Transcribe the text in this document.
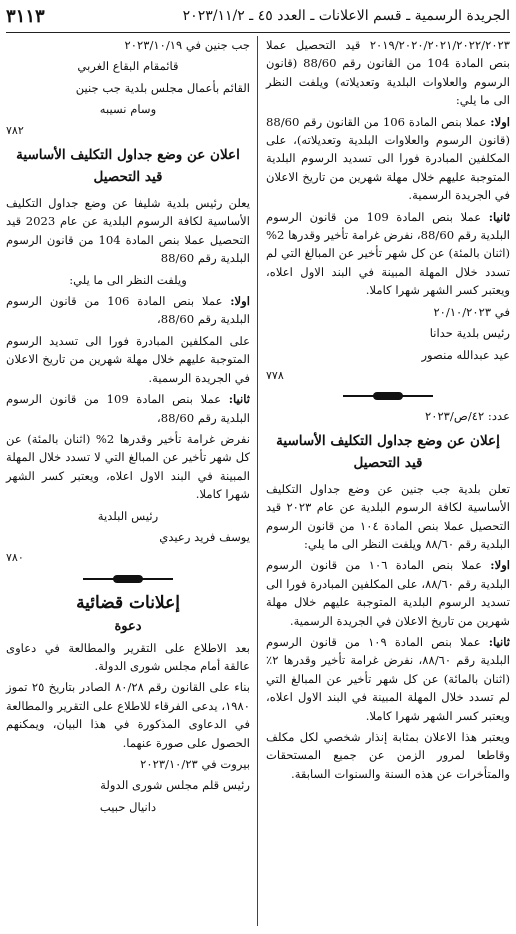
الجريدة الرسمية ـ قسم الاعلانات ـ العدد ٤٥ ـ ٢٠٢٣/١١/٢
٣١١٣

٢٠١٩/٢٠٢٠/٢٠٢١/٢٠٢٢/٢٠٢٣ قيد التحصيل عملا بنص المادة 104 من القانون رقم 88/60 (قانون الرسوم والعلاوات البلدية وتعديلاته) ويلفت النظر الى ما يلي:

اولا: عملا بنص المادة 106 من القانون رقم 88/60 (قانون الرسوم والعلاوات البلدية وتعديلاته)، على المكلفين المبادرة فورا الى تسديد الرسوم البلدية المتوجبة عليهم خلال مهلة شهرين من تاريخ الاعلان في الجريدة الرسمية.

ثانيا: عملا بنص المادة 109 من قانون الرسوم البلدية رقم 88/60، نفرض غرامة تأخير وقدرها 2% (اثنان بالمئة) عن كل شهر تأخير عن المبالغ التي لم تسدد خلال المهلة المبينة في البند الاول اعلاه، ويعتبر كسر الشهر شهرا كاملا.

في ٢٠/١٠/٢٠٢٣

رئيس بلدية حدانا

عيد عبدالله منصور

٧٧٨

عدد: ٤٢/ص/٢٠٢٣

إعلان عن وضع جداول التكليف الأساسية قيد التحصيل

تعلن بلدية جب جنين عن وضع جداول التكليف الأساسية لكافة الرسوم البلدية عن عام ٢٠٢٣ قيد التحصيل عملا بنص المادة ١٠٤ من قانون الرسوم البلدية رقم ٨٨/٦٠ ويلفت النظر الى ما يلي:

اولا: عملا بنص المادة ١٠٦ من قانون الرسوم البلدية رقم ٨٨/٦٠، على المكلفين المبادرة فورا الى تسديد الرسوم البلدية المتوجبة عليهم خلال مهلة شهرين من تاريخ الاعلان في الجريدة الرسمية.

ثانيا: عملا بنص المادة ١٠٩ من قانون الرسوم البلدية رقم ٨٨/٦٠، نفرض غرامة تأخير وقدرها ٢٪ (اثنان بالمائة) عن كل شهر تأخير عن المبالغ التي لم تسدد خلال المهلة المبينة في البند الاول اعلاه، ويعتبر كسر الشهر شهرا كاملا.

ويعتبر هذا الاعلان بمثابة إنذار شخصي لكل مكلف وقاطعا لمرور الزمن عن جميع المستحقات والمتأخرات عن هذه السنة والسنوات السابقة.

جب جنين في ٢٠٢٣/١٠/١٩

قائمقام البقاع الغربي

القائم بأعمال مجلس بلدية جب جنين

وسام نسيبه

٧٨٢

اعلان عن وضع جداول التكليف الأساسية قيد التحصيل

يعلن رئيس بلدية شليفا عن وضع جداول التكليف الأساسية لكافة الرسوم البلدية عن عام 2023 قيد التحصيل عملا بنص المادة 104 من قانون الرسوم البلدية رقم 88/60

ويلفت النظر الى ما يلي:

اولا: عملا بنص المادة 106 من قانون الرسوم البلدية رقم 88/60،

على المكلفين المبادرة فورا الى تسديد الرسوم المتوجبة عليهم خلال مهلة شهرين من تاريخ الاعلان في الجريدة الرسمية.

ثانيا: عملا بنص المادة 109 من قانون الرسوم البلدية رقم 88/60،

نفرض غرامة تأخير وقدرها 2% (اثنان بالمئة) عن كل شهر تأخير عن المبالغ التي لا تسدد خلال المهلة المبينة في البند الاول اعلاه، ويعتبر كسر الشهر شهرا كاملا.

رئيس البلدية

يوسف فريد رعيدي

٧٨٠

إعلانات قضائية
دعوة

بعد الاطلاع على التقرير والمطالعة في دعاوى عالقة أمام مجلس شورى الدولة.

بناء على القانون رقم ٨٠/٢٨ الصادر بتاريخ ٢٥ تموز ١٩٨٠، يدعى الفرقاء للاطلاع على التقرير والمطالعة في الدعاوى المذكورة في هذا البيان، ويمكنهم الحصول على صورة عنهما.

بيروت في ٢٠٢٣/١٠/٢٣

رئيس قلم مجلس شورى الدولة

دانيال حبيب
